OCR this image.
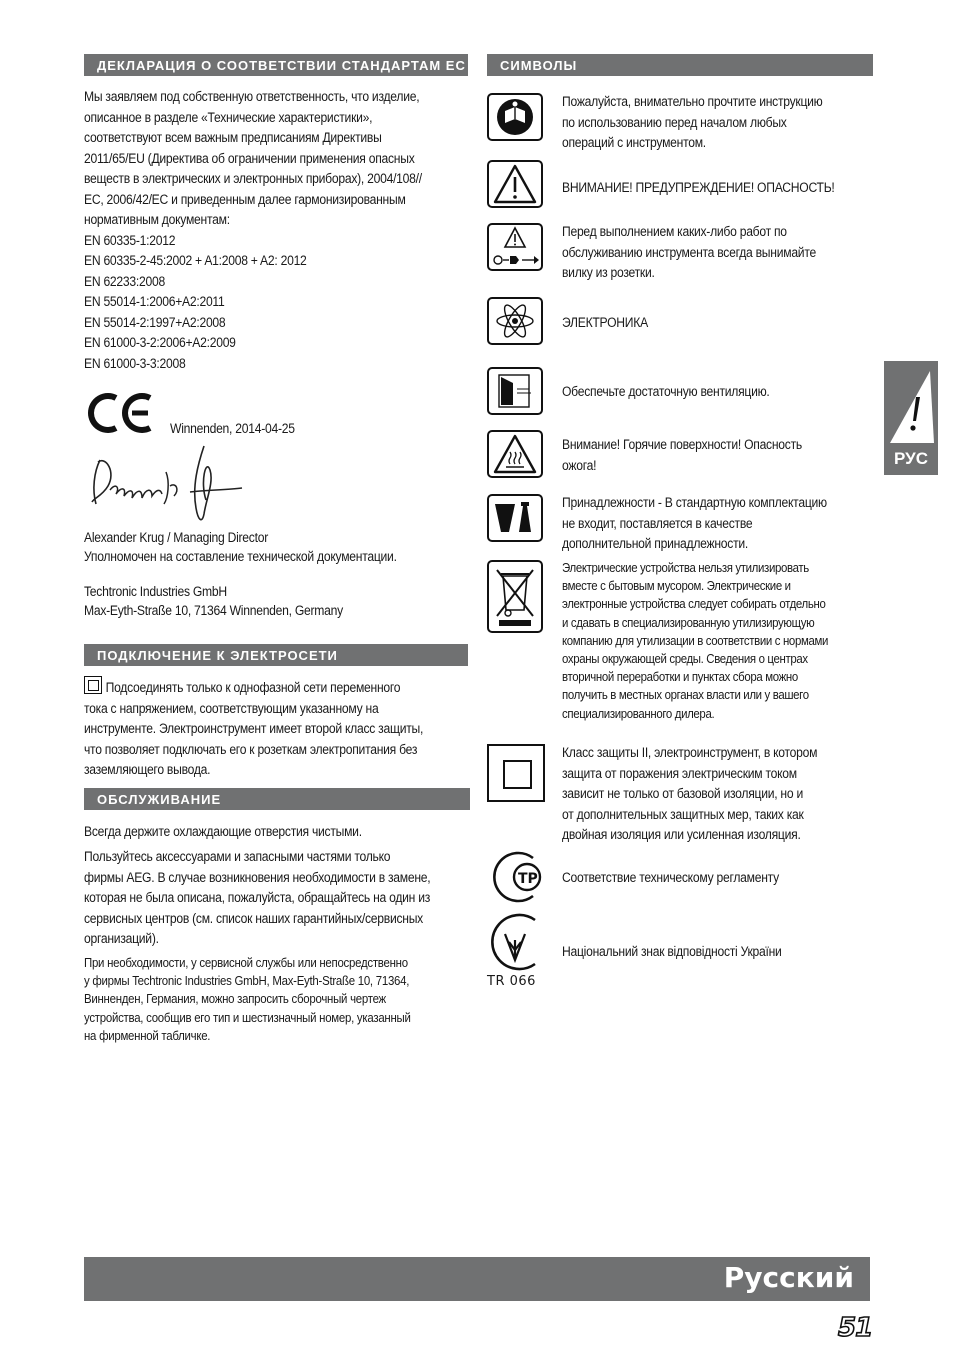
ДЕКЛАРАЦИЯ О СООТВЕТСТВИИ СТАНДАРТАМ ЕС
Мы заявляем под собственную ответственность, что изделие,
описанное в разделе «Технические характеристики»,
соответствуют всем важным предписаниям Директивы
2011/65/EU (Директива об ограничении применения опасных
веществ в электрических и электронных приборах), 2004/108//
ЕС, 2006/42/ЕС и приведенным далее гармонизированным
нормативным документам:
EN 60335-1:2012
EN 60335-2-45:2002 + A1:2008 + A2: 2012
EN 62233:2008
EN 55014-1:2006+A2:2011
EN 55014-2:1997+A2:2008
EN 61000-3-2:2006+A2:2009
EN 61000-3-3:2008
Winnenden, 2014-04-25
Alexander Krug / Managing Director
Уполномочен на составление технической документации.
Techtronic Industries GmbH
Max-Eyth-Straße 10, 71364 Winnenden, Germany
ПОДКЛЮЧЕНИЕ К ЭЛЕКТРОСЕТИ
Подсоединять только к однофазной сети переменного
тока с напряжением, соответствующим указанному на
инструменте. Электроинструмент имеет второй класс защиты,
что позволяет подключать его к розеткам электропитания без
заземляющего вывода.
ОБСЛУЖИВАНИЕ
Всегда держите охлаждающие отверстия чистыми.
Пользуйтесь аксессуарами и запасными частями только
фирмы AEG. В случае возникновения необходимости в замене,
которая не была описана, пожалуйста, обращайтесь на один из
сервисных центров (см. список наших гарантийных/сервисных
организаций).
При необходимости, у сервисной службы или непосредственно
у фирмы Techtronic Industries GmbH, Max-Eyth-Straße 10, 71364,
Винненден, Германия, можно запросить сборочный чертеж
устройства, сообщив его тип и шестизначный номер, указанный
на фирменной табличке.
СИМВОЛЫ
Пожалуйста, внимательно прочтите инструкцию
по использованию перед началом любых
операций с инструментом.
ВНИМАНИЕ! ПРЕДУПРЕЖДЕНИЕ! ОПАСНОСТЬ!
Перед выполнением каких-либо работ по
обслуживанию инструмента всегда вынимайте
вилку из розетки.
ЭЛЕКТРОНИКА
Обеспечьте достаточную вентиляцию.
Внимание! Горячие поверхности! Опасность
ожога!
Принадлежности - В стандартную комплектацию
не входит, поставляется в качестве
дополнительной принадлежности.
Электрические устройства нельзя утилизировать
вместе с бытовым мусором. Электрические и
электронные устройства следует собирать отдельно
и сдавать в специализированную утилизирующую
компанию для утилизации в соответствии с нормами
охраны окружающей среды. Сведения о центрах
вторичной переработки и пунктах сбора можно
получить в местных органах власти или у вашего
специализированного дилера.
Класс защиты II, электроинструмент, в котором
защита от поражения электрическим током
зависит не только от базовой изоляции, но и
от дополнительных защитных мер, таких как
двойная изоляция или усиленная изоляция.
ТР Соответствие техническому регламенту
TR 066
Національний знак відповідності України
РУС
Русский
51
